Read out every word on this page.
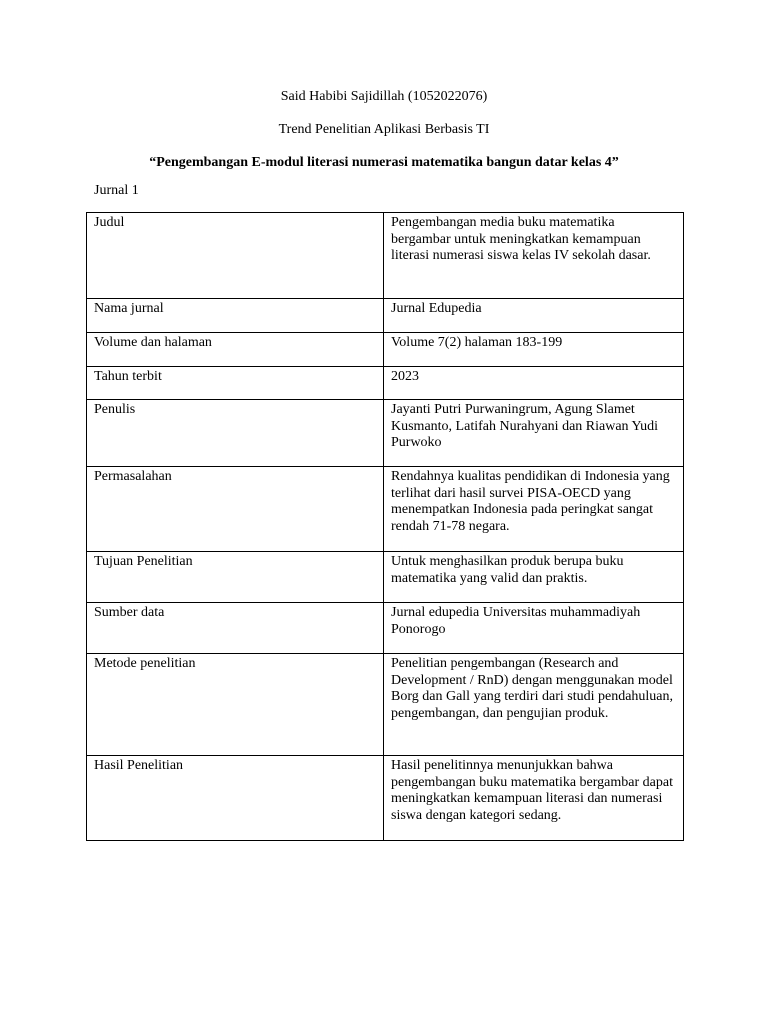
Said Habibi Sajidillah (1052022076)
Trend Penelitian Aplikasi Berbasis TI
“Pengembangan E-modul literasi numerasi matematika bangun datar kelas 4”
Jurnal 1
Judul	Pengembangan media buku matematika bergambar untuk meningkatkan kemampuan literasi numerasi siswa kelas IV sekolah dasar.
Nama jurnal	Jurnal Edupedia
Volume dan halaman	Volume 7(2) halaman 183-199
Tahun terbit	2023
Penulis	Jayanti Putri Purwaningrum, Agung Slamet Kusmanto, Latifah Nurahyani dan Riawan Yudi Purwoko
Permasalahan	Rendahnya kualitas pendidikan di Indonesia yang terlihat dari hasil survei PISA-OECD yang menempatkan Indonesia pada peringkat sangat rendah 71-78 negara.
Tujuan Penelitian	Untuk menghasilkan produk berupa buku matematika yang valid dan praktis.
Sumber data	Jurnal edupedia Universitas muhammadiyah Ponorogo
Metode penelitian	Penelitian pengembangan (Research and Development / RnD) dengan menggunakan model Borg dan Gall yang terdiri dari studi pendahuluan, pengembangan, dan pengujian produk.
Hasil Penelitian	Hasil penelitinnya menunjukkan bahwa pengembangan buku matematika bergambar dapat meningkatkan kemampuan literasi dan numerasi siswa dengan kategori sedang.
